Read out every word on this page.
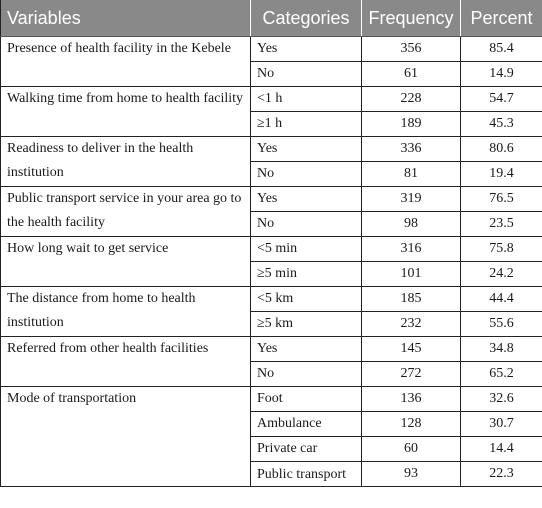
Variables	Categories	Frequency	Percent
Presence of health facility in the Kebele	Yes	356	85.4
	No	61	14.9
Walking time from home to health facility	<1 h	228	54.7
	≥1 h	189	45.3
Readiness to deliver in the health institution	Yes	336	80.6
	No	81	19.4
Public transport service in your area go to the health facility	Yes	319	76.5
	No	98	23.5
How long wait to get service	<5 min	316	75.8
	≥5 min	101	24.2
The distance from home to health institution	<5 km	185	44.4
	≥5 km	232	55.6
Referred from other health facilities	Yes	145	34.8
	No	272	65.2
Mode of transportation	Foot	136	32.6
	Ambulance	128	30.7
	Private car	60	14.4
	Public transport	93	22.3
